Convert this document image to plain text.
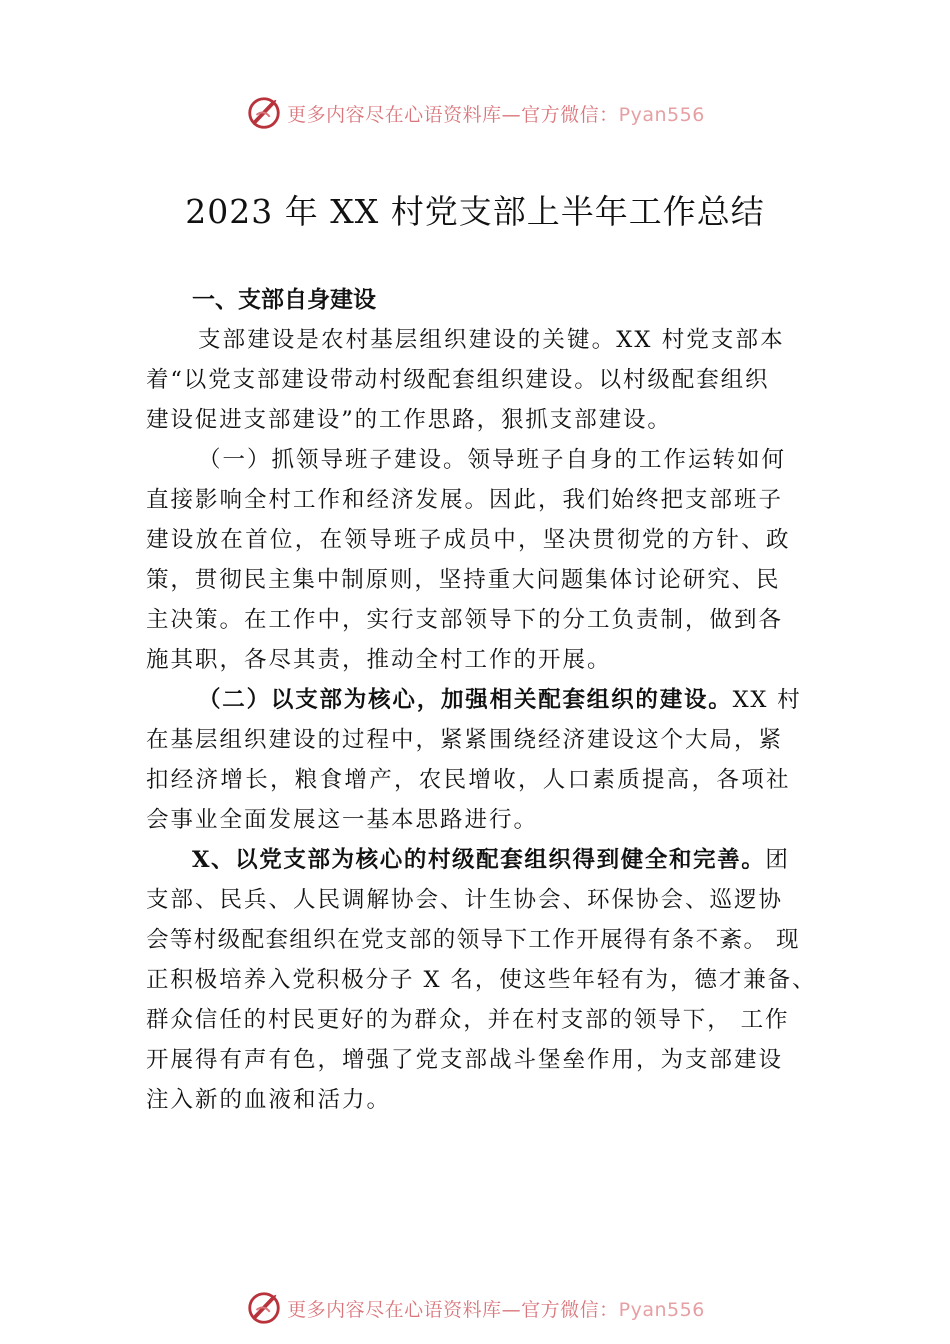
更多内容尽在心语资料库—官方微信：Pyan556
2023 年 XX 村党支部上半年工作总结
一、支部自身建设
支部建设是农村基层组织建设的关键。XX 村党支部本
着“以党支部建设带动村级配套组织建设。以村级配套组织
建设促进支部建设”的工作思路，狠抓支部建设。
（一）抓领导班子建设。领导班子自身的工作运转如何
直接影响全村工作和经济发展。因此，我们始终把支部班子
建设放在首位，在领导班子成员中，坚决贯彻党的方针、政
策，贯彻民主集中制原则，坚持重大问题集体讨论研究、民
主决策。在工作中，实行支部领导下的分工负责制，做到各
施其职，各尽其责，推动全村工作的开展。
（二）以支部为核心，加强相关配套组织的建设。XX 村
在基层组织建设的过程中，紧紧围绕经济建设这个大局，紧
扣经济增长，粮食增产，农民增收，人口素质提高，各项社
会事业全面发展这一基本思路进行。
X、以党支部为核心的村级配套组织得到健全和完善。团
支部、民兵、人民调解协会、计生协会、环保协会、巡逻协
会等村级配套组织在党支部的领导下工作开展得有条不紊。 现
正积极培养入党积极分子 X 名，使这些年轻有为，德才兼备、
群众信任的村民更好的为群众，并在村支部的领导下， 工作
开展得有声有色，增强了党支部战斗堡垒作用，为支部建设
注入新的血液和活力。
更多内容尽在心语资料库—官方微信：Pyan556
